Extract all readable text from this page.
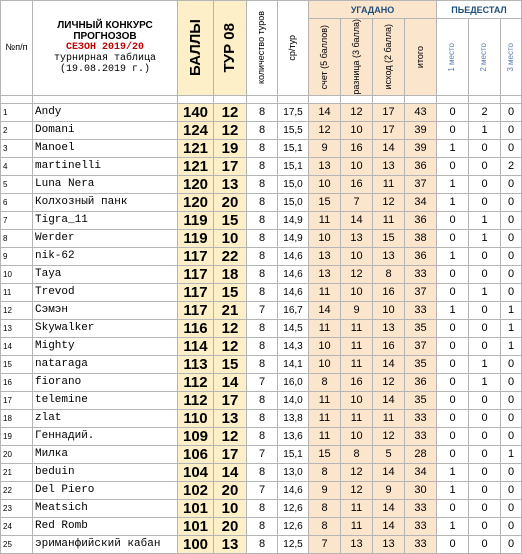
№п/п	ЛИЧНЫЙ КОНКУРС
ПРОГНОЗОВ
СЕЗОН 2019/20
турнирная таблица
(19.08.2019 г.)	БАЛЛЫ	ТУР 08	количество туров	ср/тур	УГАДАНО				ПЬЕДЕСТАЛ		

						счет (5 баллов)	разница (3 балла)	исход (2 балла)	итого	1 место	2 место	3 место

1	Andy	140	12	8	17,5	14	12	17	43	0	2	0
2	Domani	124	12	8	15,5	12	10	17	39	0	1	0
3	Manoel	121	19	8	15,1	9	16	14	39	1	0	0
4	martinelli	121	17	8	15,1	13	10	13	36	0	0	2
5	Luna Nera	120	13	8	15,0	10	16	11	37	1	0	0
6	Колхозный панк	120	20	8	15,0	15	7	12	34	1	0	0
7	Tigra_11	119	15	8	14,9	11	14	11	36	0	1	0
8	Werder	119	10	8	14,9	10	13	15	38	0	1	0
9	nik-62	117	22	8	14,6	13	10	13	36	1	0	0
10	Taya	117	18	8	14,6	13	12	8	33	0	0	0
11	Trevod	117	15	8	14,6	11	10	16	37	0	1	0
12	Сэмэн	117	21	7	16,7	14	9	10	33	1	0	1
13	Skywalker	116	12	8	14,5	11	11	13	35	0	0	1
14	Mighty	114	12	8	14,3	10	11	16	37	0	0	1
15	nataraga	113	15	8	14,1	10	11	14	35	0	1	0
16	fiorano	112	14	7	16,0	8	16	12	36	0	1	0
17	telemine	112	17	8	14,0	11	10	14	35	0	0	0
18	zlat	110	13	8	13,8	11	11	11	33	0	0	0
19	Геннадий.	109	12	8	13,6	11	10	12	33	0	0	0
20	Милка	106	17	7	15,1	15	8	5	28	0	0	1
21	beduin	104	14	8	13,0	8	12	14	34	1	0	0
22	Del Piero	102	20	7	14,6	9	12	9	30	1	0	0
23	Meatsich	101	10	8	12,6	8	11	14	33	0	0	0
24	Red Romb	101	20	8	12,6	8	11	14	33	1	0	0
25	эриманфийский кабан	100	13	8	12,5	7	13	13	33	0	0	0
